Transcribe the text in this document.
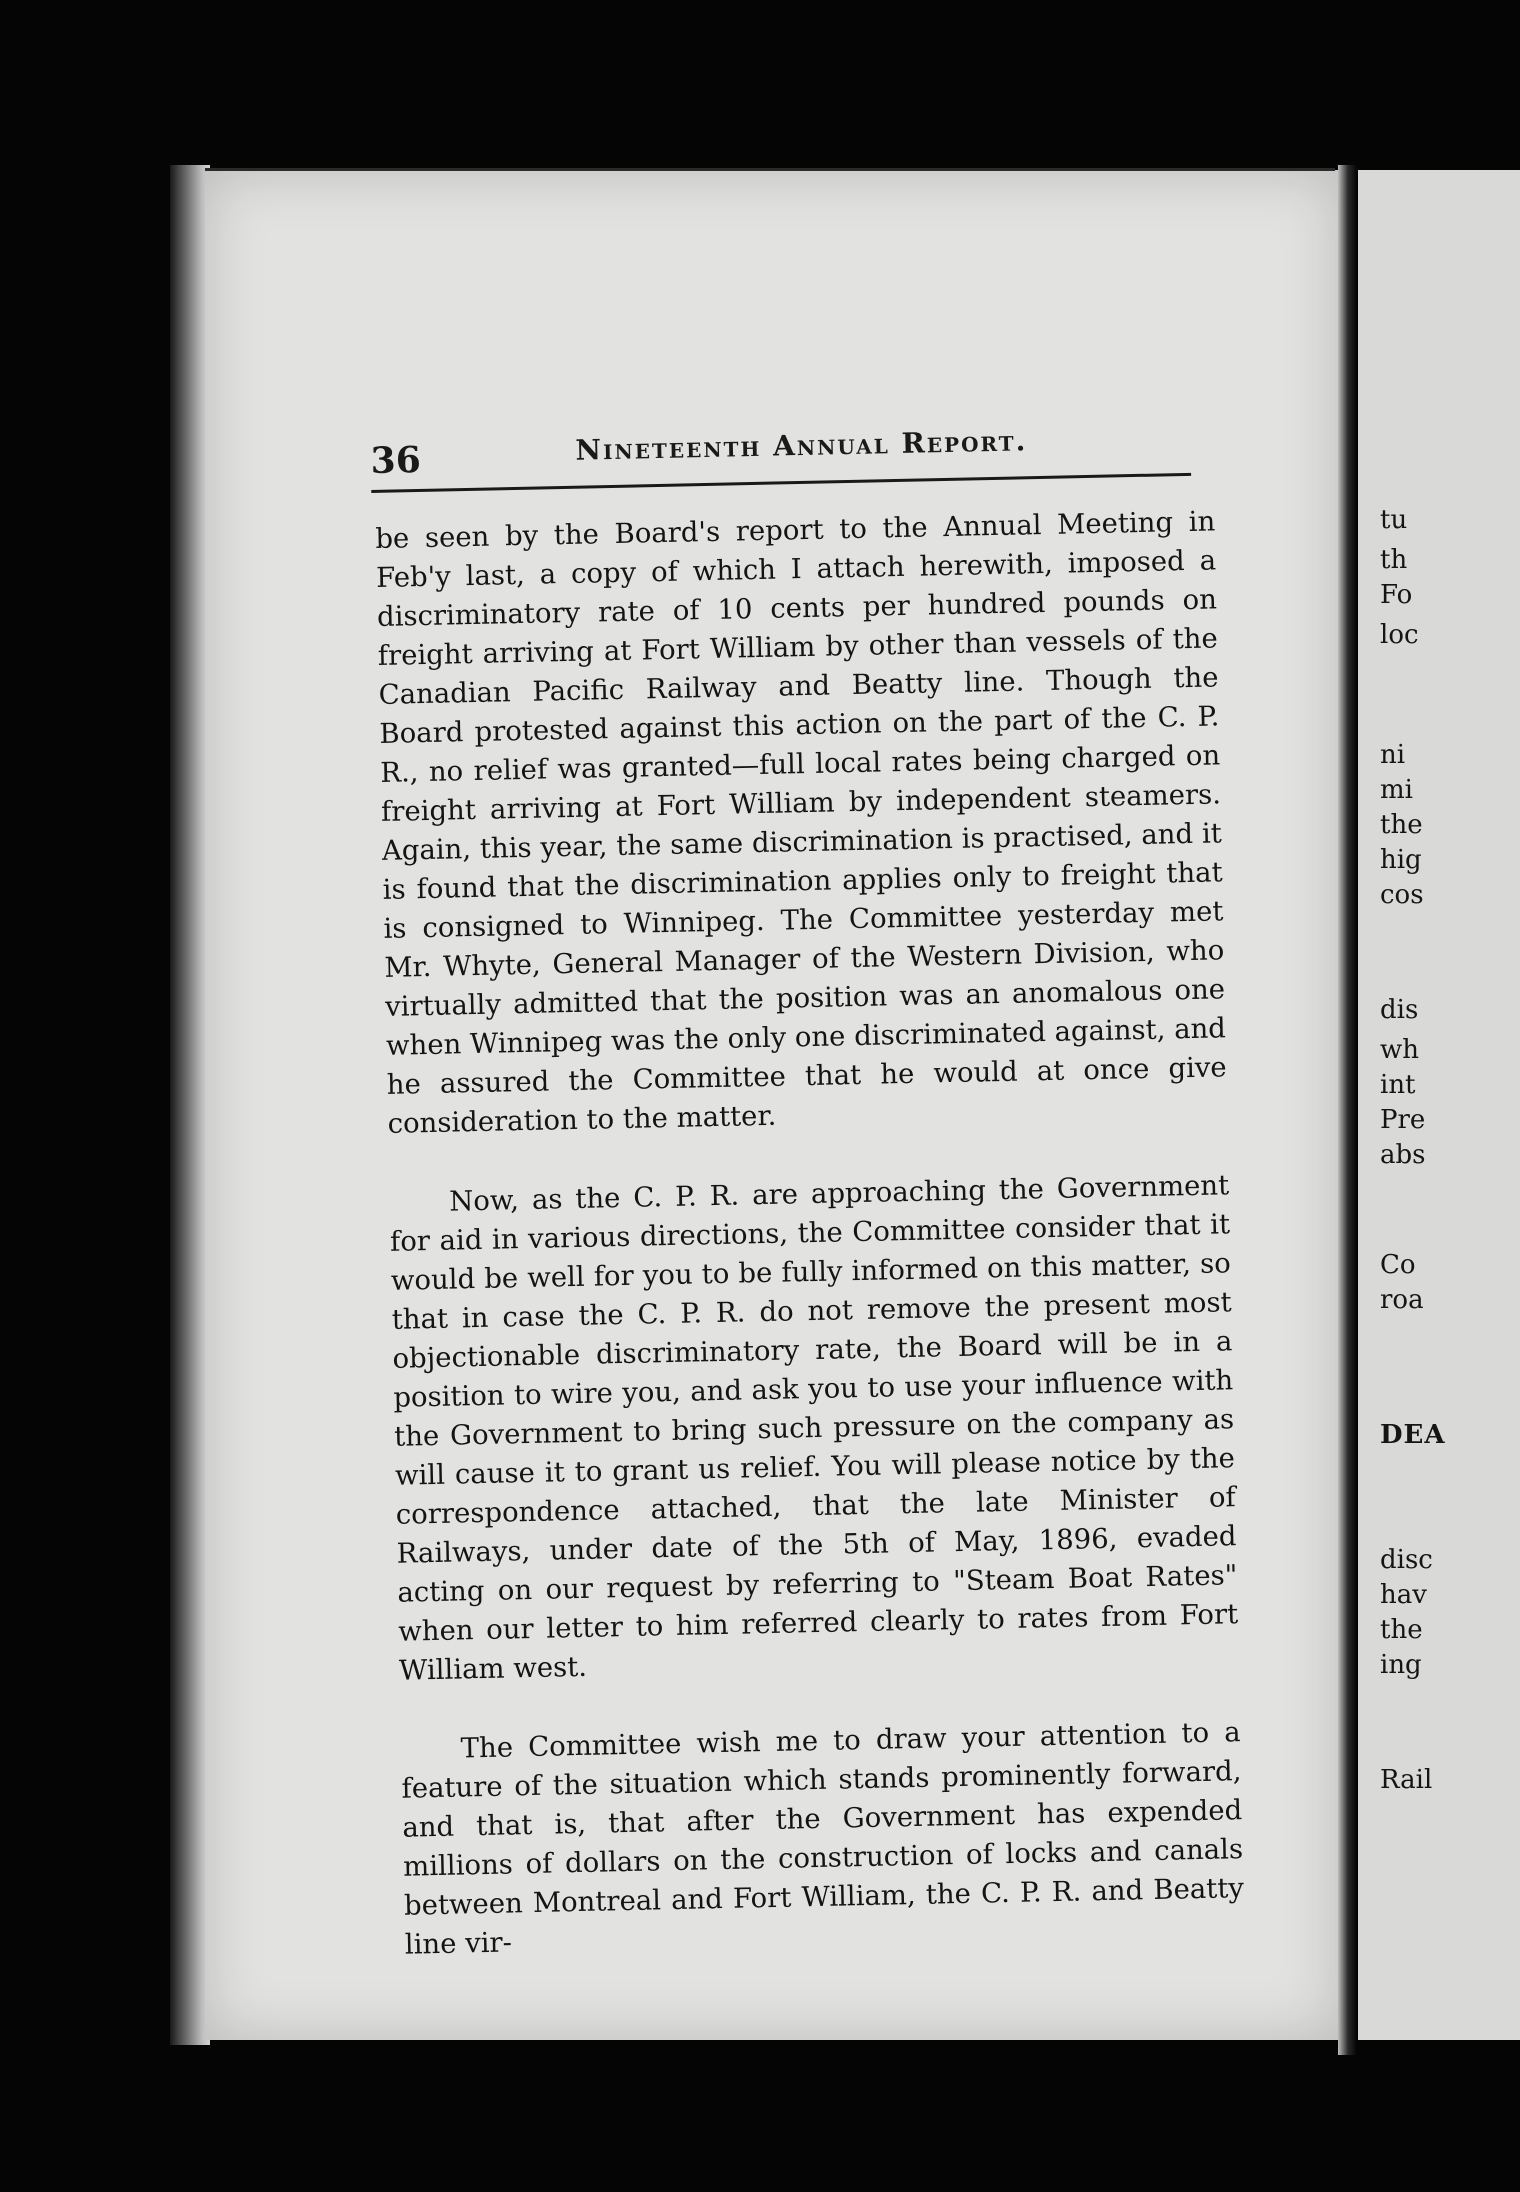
tu
th
Fo
loc
ni
mi
the
hig
cos
dis
wh
int
Pre
abs
Co
roa
DEA
disc
hav
the
ing
Rail
36	Nineteenth Annual Report.

be seen by the Board's report to the Annual Meeting in Feb'y last, a copy of which I attach herewith, imposed a discriminatory rate of 10 cents per hundred pounds on freight arriving at Fort William by other than vessels of the Canadian Pacific Railway and Beatty line. Though the Board protested against this action on the part of the C. P. R., no relief was granted—full local rates being charged on freight arriving at Fort William by independent steamers. Again, this year, the same discrimination is practised, and it is found that the discrimination applies only to freight that is consigned to Winnipeg. The Committee yesterday met Mr. Whyte, General Manager of the Western Division, who virtually admitted that the position was an anomalous one when Winnipeg was the only one discriminated against, and he assured the Committee that he would at once give consideration to the matter.

Now, as the C. P. R. are approaching the Government for aid in various directions, the Committee consider that it would be well for you to be fully informed on this matter, so that in case the C. P. R. do not remove the present most objectionable discriminatory rate, the Board will be in a position to wire you, and ask you to use your influence with the Government to bring such pressure on the company as will cause it to grant us relief. You will please notice by the correspondence attached, that the late Minister of Railways, under date of the 5th of May, 1896, evaded acting on our request by referring to "Steam Boat Rates" when our letter to him referred clearly to rates from Fort William west.

The Committee wish me to draw your attention to a feature of the situation which stands prominently forward, and that is, that after the Government has expended millions of dollars on the construction of locks and canals between Montreal and Fort William, the C. P. R. and Beatty line vir-
